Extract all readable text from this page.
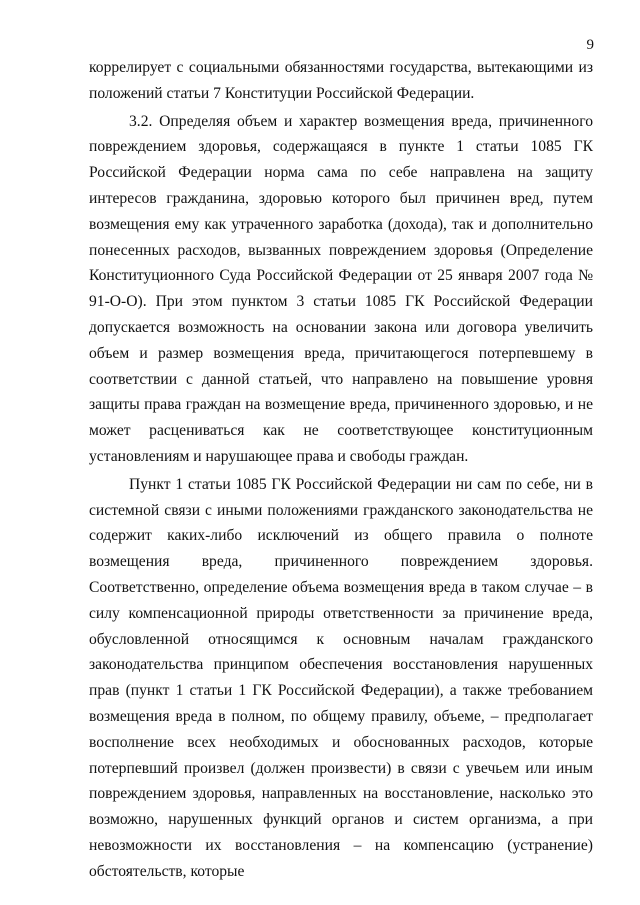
9

коррелирует с социальными обязанностями государства, вытекающими из положений статьи 7 Конституции Российской Федерации.

3.2. Определяя объем и характер возмещения вреда, причиненного повреждением здоровья, содержащаяся в пункте 1 статьи 1085 ГК Российской Федерации норма сама по себе направлена на защиту интересов гражданина, здоровью которого был причинен вред, путем возмещения ему как утраченного заработка (дохода), так и дополнительно понесенных расходов, вызванных повреждением здоровья (Определение Конституционного Суда Российской Федерации от 25 января 2007 года № 91-О-О). При этом пунктом 3 статьи 1085 ГК Российской Федерации допускается возможность на основании закона или договора увеличить объем и размер возмещения вреда, причитающегося потерпевшему в соответствии с данной статьей, что направлено на повышение уровня защиты права граждан на возмещение вреда, причиненного здоровью, и не может расцениваться как не соответствующее конституционным установлениям и нарушающее права и свободы граждан.

Пункт 1 статьи 1085 ГК Российской Федерации ни сам по себе, ни в системной связи с иными положениями гражданского законодательства не содержит каких-либо исключений из общего правила о полноте возмещения вреда, причиненного повреждением здоровья. Соответственно, определение объема возмещения вреда в таком случае – в силу компенсационной природы ответственности за причинение вреда, обусловленной относящимся к основным началам гражданского законодательства принципом обеспечения восстановления нарушенных прав (пункт 1 статьи 1 ГК Российской Федерации), а также требованием возмещения вреда в полном, по общему правилу, объеме, – предполагает восполнение всех необходимых и обоснованных расходов, которые потерпевший произвел (должен произвести) в связи с увечьем или иным повреждением здоровья, направленных на восстановление, насколько это возможно, нарушенных функций органов и систем организма, а при невозможности их восстановления – на компенсацию (устранение) обстоятельств, которые
